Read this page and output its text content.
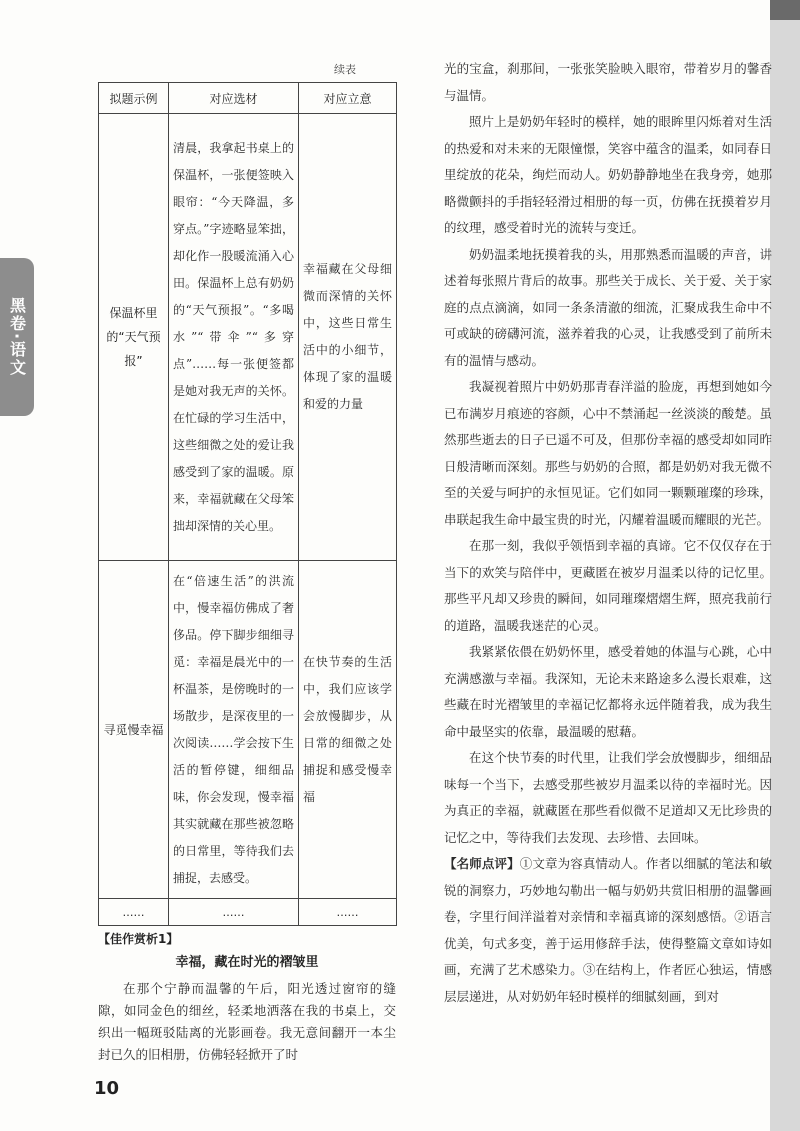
黑卷·语文
续表
拟题示例	对应选材	对应立意
保温杯里的“天气预报”	清晨，我拿起书桌上的保温杯，一张便签映入眼帘：“今天降温，多穿点。”字迹略显笨拙，却化作一股暖流涌入心田。保温杯上总有奶奶的“天气预报”。“多喝水”“带伞”“多穿点”……每一张便签都是她对我无声的关怀。在忙碌的学习生活中，这些细微之处的爱让我感受到了家的温暖。原来，幸福就藏在父母笨拙却深情的关心里。	幸福藏在父母细微而深情的关怀中，这些日常生活中的小细节，体现了家的温暖和爱的力量
寻觅慢幸福	在“倍速生活”的洪流中，慢幸福仿佛成了奢侈品。停下脚步细细寻觅：幸福是晨光中的一杯温茶，是傍晚时的一场散步，是深夜里的一次阅读……学会按下生活的暂停键，细细品味，你会发现，慢幸福其实就藏在那些被忽略的日常里，等待我们去捕捉，去感受。	在快节奏的生活中，我们应该学会放慢脚步，从日常的细微之处捕捉和感受慢幸福
……	……	……
【佳作赏析1】
幸福，藏在时光的褶皱里

在那个宁静而温馨的午后，阳光透过窗帘的缝隙，如同金色的细丝，轻柔地洒落在我的书桌上，交织出一幅斑驳陆离的光影画卷。我无意间翻开一本尘封已久的旧相册，仿佛轻轻掀开了时

光的宝盒，刹那间，一张张笑脸映入眼帘，带着岁月的馨香与温情。

照片上是奶奶年轻时的模样，她的眼眸里闪烁着对生活的热爱和对未来的无限憧憬，笑容中蕴含的温柔，如同春日里绽放的花朵，绚烂而动人。奶奶静静地坐在我身旁，她那略微颤抖的手指轻轻滑过相册的每一页，仿佛在抚摸着岁月的纹理，感受着时光的流转与变迁。

奶奶温柔地抚摸着我的头，用那熟悉而温暖的声音，讲述着每张照片背后的故事。那些关于成长、关于爱、关于家庭的点点滴滴，如同一条条清澈的细流，汇聚成我生命中不可或缺的磅礴河流，滋养着我的心灵，让我感受到了前所未有的温情与感动。

我凝视着照片中奶奶那青春洋溢的脸庞，再想到她如今已布满岁月痕迹的容颜，心中不禁涌起一丝淡淡的酸楚。虽然那些逝去的日子已遥不可及，但那份幸福的感受却如同昨日般清晰而深刻。那些与奶奶的合照，都是奶奶对我无微不至的关爱与呵护的永恒见证。它们如同一颗颗璀璨的珍珠，串联起我生命中最宝贵的时光，闪耀着温暖而耀眼的光芒。

在那一刻，我似乎领悟到幸福的真谛。它不仅仅存在于当下的欢笑与陪伴中，更藏匿在被岁月温柔以待的记忆里。那些平凡却又珍贵的瞬间，如同璀璨熠熠生辉，照亮我前行的道路，温暖我迷茫的心灵。

我紧紧依偎在奶奶怀里，感受着她的体温与心跳，心中充满感激与幸福。我深知，无论未来路途多么漫长艰难，这些藏在时光褶皱里的幸福记忆都将永远伴随着我，成为我生命中最坚实的依靠，最温暖的慰藉。

在这个快节奏的时代里，让我们学会放慢脚步，细细品味每一个当下，去感受那些被岁月温柔以待的幸福时光。因为真正的幸福，就藏匿在那些看似微不足道却又无比珍贵的记忆之中，等待我们去发现、去珍惜、去回味。

【名师点评】①文章为容真情动人。作者以细腻的笔法和敏锐的洞察力，巧妙地勾勒出一幅与奶奶共赏旧相册的温馨画卷，字里行间洋溢着对亲情和幸福真谛的深刻感悟。②语言优美，句式多变，善于运用修辞手法，使得整篇文章如诗如画，充满了艺术感染力。③在结构上，作者匠心独运，情感层层递进，从对奶奶年轻时模样的细腻刻画，到对

10
